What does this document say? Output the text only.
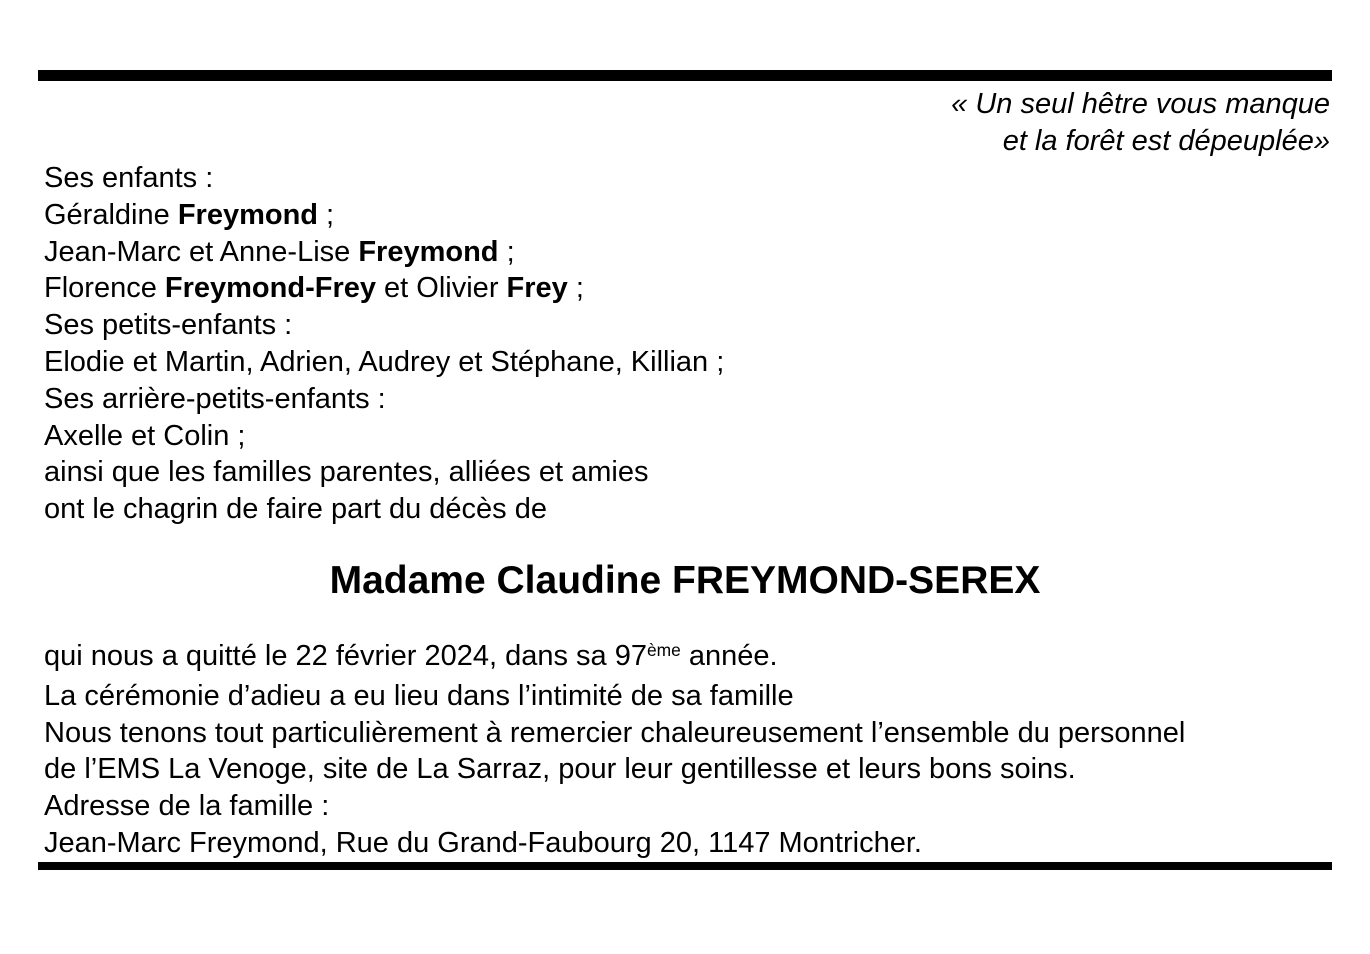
« Un seul hêtre vous manque
et la forêt est dépeuplée»
Ses enfants :
Géraldine Freymond ;
Jean-Marc et Anne-Lise Freymond ;
Florence Freymond-Frey et Olivier Frey ;
Ses petits-enfants :
Elodie et Martin, Adrien, Audrey et Stéphane, Killian ;
Ses arrière-petits-enfants :
Axelle et Colin ;
ainsi que les familles parentes, alliées et amies
ont le chagrin de faire part du décès de
Madame Claudine FREYMOND-SEREX
qui nous a quitté le 22 février 2024, dans sa 97ème année.
La cérémonie d’adieu a eu lieu dans l’intimité de sa famille
Nous tenons tout particulièrement à remercier chaleureusement l’ensemble du personnel
de l’EMS La Venoge, site de La Sarraz, pour leur gentillesse et leurs bons soins.
Adresse de la famille :
Jean-Marc Freymond, Rue du Grand-Faubourg 20, 1147 Montricher.
